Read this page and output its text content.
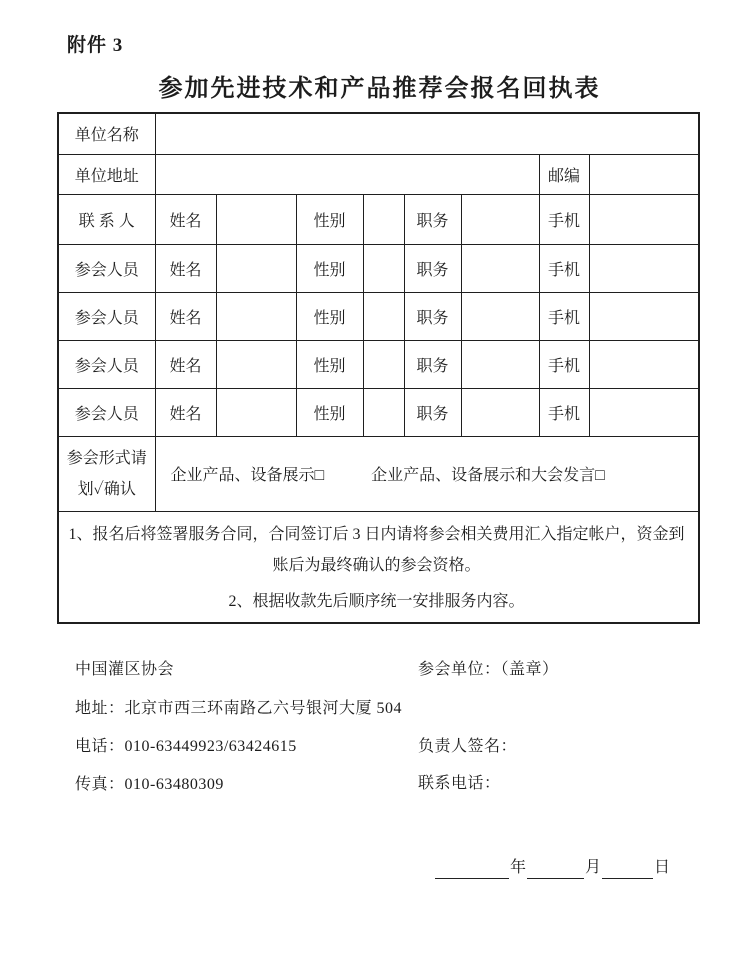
附件 3
参加先进技术和产品推荐会报名回执表
单位名称								
单位地址							邮编	
联 系 人	姓名		性别		职务		手机	
参会人员	姓名		性别		职务		手机	
参会人员	姓名		性别		职务		手机	
参会人员	姓名		性别		职务		手机	
参会人员	姓名		性别		职务		手机	

参会形式请
划✓确认

企业产品、设备展示□	企业产品、设备展示和大会发言□

1、报名后将签署服务合同，合同签订后 3 日内请将参会相关费用汇入指定帐户，资金到账后为最终确认的参会资格。

2、根据收款先后顺序统一安排服务内容。								

中国灌区协会
地址：北京市西三环南路乙六号银河大厦 504
电话：010-63449923/63424615
传真：010-63480309
参会单位：（盖章）
负责人签名：
联系电话：
年	月	日
